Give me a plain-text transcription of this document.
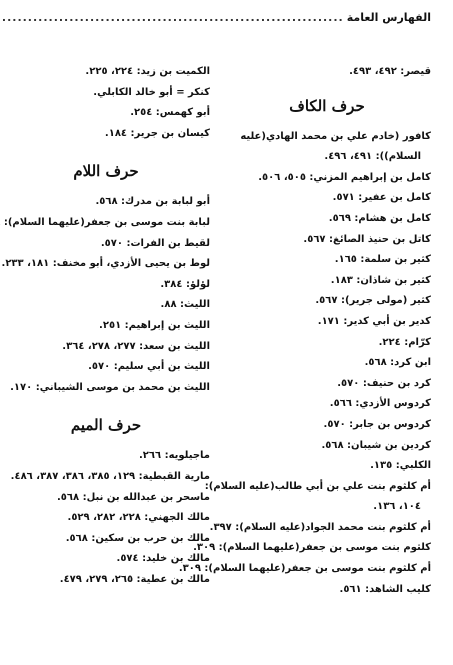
الفهارس العامة
.....
قيصر: ٤٩٢، ٤٩٣.
حرف الكاف
كافور (خادم علي بن محمد الهادي(عليه
السلام)): ٤٩١، ٤٩٦.
كامل بن إبراهيم المزني: ٥٠٥، ٥٠٦.
كامل بن عفير: ٥٧١.
كامل بن هشام: ٥٦٩.
كاتل بن حنيذ الصائغ: ٥٦٧.
كثير بن سلمة: ١٦٥.
كثير بن شاذان: ١٨٣.
كثير (مولى جرير): ٥٦٧.
كدير بن أبي كدير: ١٧١.
كرّام: ٢٢٤.
ابن كرد: ٥٦٨.
كرد بن حنيف: ٥٧٠.
كردوس الأزدي: ٥٦٦.
كردوس بن جابر: ٥٧٠.
كردين بن شيبان: ٥٦٨.
الكلبي: ١٣٥.
أم كلثوم بنت علي بن أبي طالب(عليه السلام):
١٠٤، ١٣٦.
أم كلثوم بنت محمد الجواد(عليه السلام): ٣٩٧.
كلثوم بنت موسى بن جعفر(عليهما السلام): ٣٠٩.
أم كلثوم بنت موسى بن جعفر(عليهما السلام): ٣٠٩.
كليب الشاهد: ٥٦١.
الكميت بن زيد: ٢٢٤، ٢٢٥.
كنكر = أبو خالد الكابلي.
أبو كهمس: ٢٥٤.
كيسان بن جرير: ١٨٤.
حرف اللام
أبو لبابة بن مدرك: ٥٦٨.
لبابة بنت موسى بن جعفر(عليهما السلام):
لقيط بن الفرات: ٥٧٠.
لوط بن يحيى الأزدي، أبو مخنف: ١٨١، ٢٣٣.
لؤلؤ: ٣٨٤.
الليث: ٨٨.
الليث بن إبراهيم: ٢٥١.
الليث بن سعد: ٢٧٧، ٢٧٨، ٣٦٤.
الليث بن أبي سليم: ٥٧٠.
الليث بن محمد بن موسى الشيباني: ١٧٠.
حرف الميم
ماجيلويه: ٢٦٦.
مارية القبطية: ١٢٩، ٣٨٥، ٣٨٦، ٣٨٧، ٤٨٦.
ماسحر بن عبدالله بن نبل: ٥٦٨.
مالك الجهني: ٢٢٨، ٢٨٢، ٥٢٩.
مالك بن حرب بن سكين: ٥٦٨.
مالك بن خليد: ٥٧٤.
مالك بن عطية: ٢٦٥، ٢٧٩، ٤٧٩.
